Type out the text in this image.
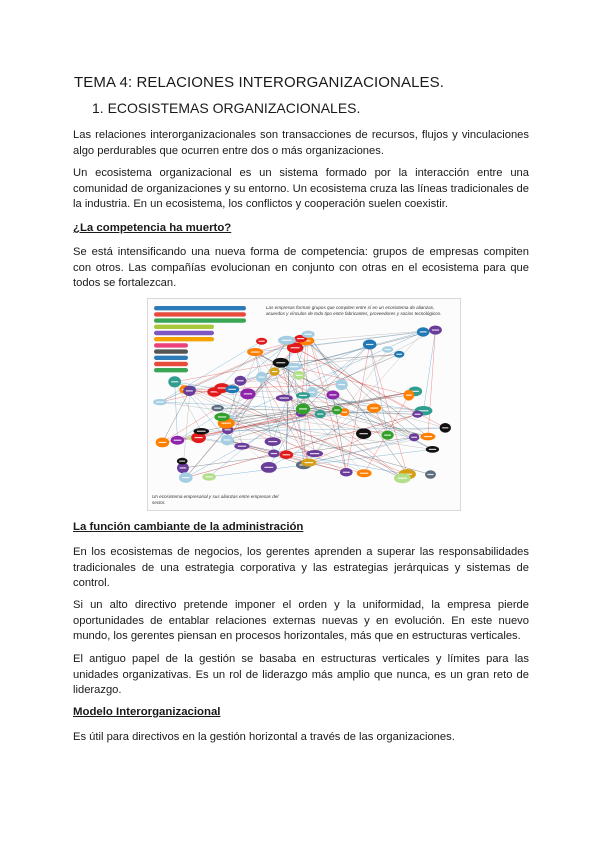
TEMA 4: RELACIONES INTERORGANIZACIONALES.
1. ECOSISTEMAS ORGANIZACIONALES.
Las relaciones interorganizacionales son transacciones de recursos, flujos y vinculaciones algo perdurables que ocurren entre dos o más organizaciones.
Un ecosistema organizacional es un sistema formado por la interacción entre una comunidad de organizaciones y su entorno. Un ecosistema cruza las líneas tradicionales de la industria. En un ecosistema, los conflictos y cooperación suelen coexistir.
¿La competencia ha muerto?
Se está intensificando una nueva forma de competencia: grupos de empresas compiten con otros. Las compañías evolucionan en conjunto con otras en el ecosistema para que todos se fortalezcan.
Las empresas forman grupos que compiten entre sí en un ecosistema de alianzas, acuerdos y vínculos de todo tipo entre fabricantes, proveedores y socios tecnológicos.
Un ecosistema empresarial y sus alianzas entre empresas del sector.
La función cambiante de la administración
En los ecosistemas de negocios, los gerentes aprenden a superar las responsabilidades tradicionales de una estrategia corporativa y las estrategias jerárquicas y sistemas de control.
Si un alto directivo pretende imponer el orden y la uniformidad, la empresa pierde oportunidades de entablar relaciones externas nuevas y en evolución. En este nuevo mundo, los gerentes piensan en procesos horizontales, más que en estructuras verticales.
El antiguo papel de la gestión se basaba en estructuras verticales y límites para las unidades organizativas. Es un rol de liderazgo más amplio que nunca, es un gran reto de liderazgo.
Modelo Interorganizacional
Es útil para directivos en la gestión horizontal a través de las organizaciones.
